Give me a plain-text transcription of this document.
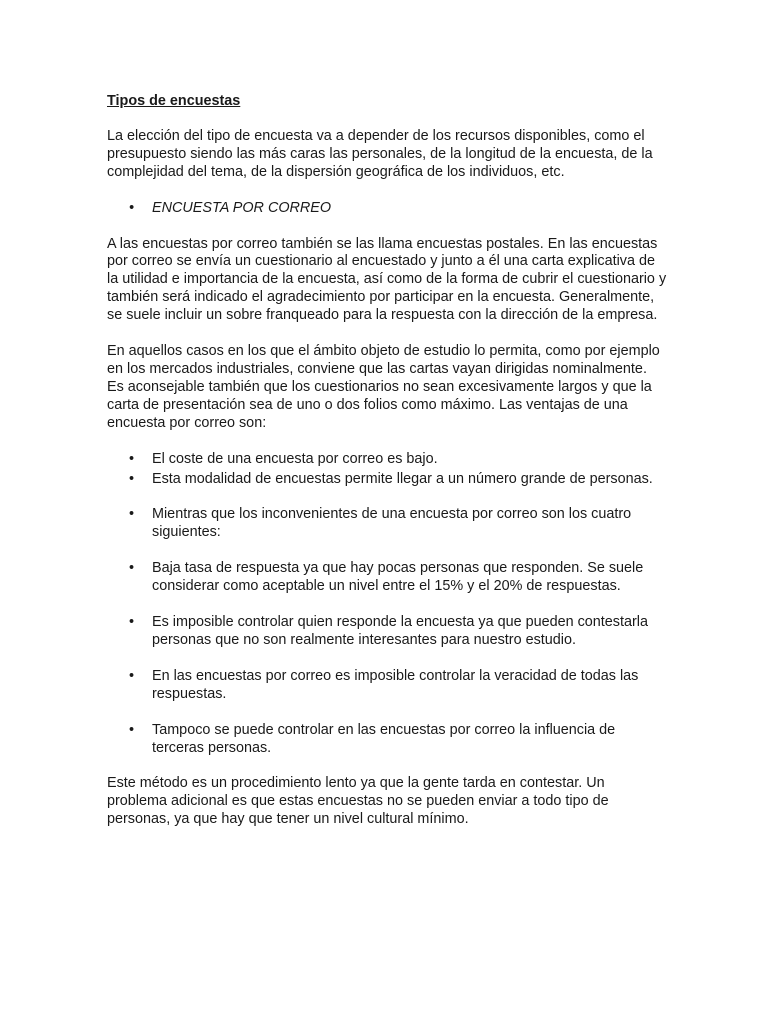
Tipos de encuestas

La elección del tipo de encuesta va a depender de los recursos disponibles, como el presupuesto siendo las más caras las personales, de la longitud de la encuesta, de la complejidad del tema, de la dispersión geográfica de los individuos, etc.

• ENCUESTA POR CORREO

A las encuestas por correo también se las llama encuestas postales. En las encuestas por correo se envía un cuestionario al encuestado y junto a él una carta explicativa de la utilidad e importancia de la encuesta, así como de la forma de cubrir el cuestionario y también será indicado el agradecimiento por participar en la encuesta. Generalmente, se suele incluir un sobre franqueado para la respuesta con la dirección de la empresa.

En aquellos casos en los que el ámbito objeto de estudio lo permita, como por ejemplo en los mercados industriales, conviene que las cartas vayan dirigidas nominalmente. Es aconsejable también que los cuestionarios no sean excesivamente largos y que la carta de presentación sea de uno o dos folios como máximo. Las ventajas de una encuesta por correo son:

• El coste de una encuesta por correo es bajo.
• Esta modalidad de encuestas permite llegar a un número grande de personas.
• Mientras que los inconvenientes de una encuesta por correo son los cuatro siguientes:
• Baja tasa de respuesta ya que hay pocas personas que responden. Se suele considerar como aceptable un nivel entre el 15% y el 20% de respuestas.
• Es imposible controlar quien responde la encuesta ya que pueden contestarla personas que no son realmente interesantes para nuestro estudio.
• En las encuestas por correo es imposible controlar la veracidad de todas las respuestas.
• Tampoco se puede controlar en las encuestas por correo la influencia de terceras personas.

Este método es un procedimiento lento ya que la gente tarda en contestar. Un problema adicional es que estas encuestas no se pueden enviar a todo tipo de personas, ya que hay que tener un nivel cultural mínimo.
